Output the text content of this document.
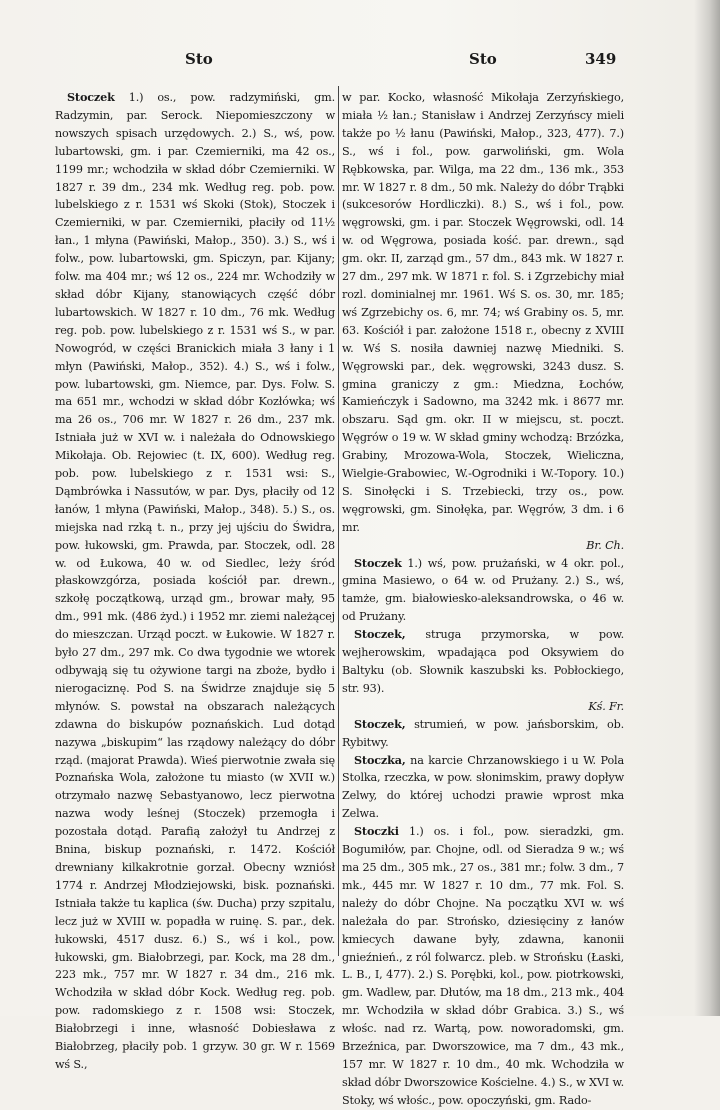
Sto	Sto	349

Stoczek 1.) os., pow. radzymiński, gm. Radzymin, par. Serock. Niepomieszczony w nowszych spisach urzędowych. 2.) S., wś, pow. lubartowski, gm. i par. Czemierniki, ma 42 os., 1199 mr.; wchodziła w skład dóbr Czemierniki. W 1827 r. 39 dm., 234 mk. Według reg. pob. pow. lubelskiego z r. 1531 wś Skoki (Stok), Stoczek i Czemierniki, w par. Czemierniki, płaciły od 11½ łan., 1 młyna (Pawiński, Małop., 350). 3.) S., wś i folw., pow. lubartowski, gm. Spiczyn, par. Kijany; folw. ma 404 mr.; wś 12 os., 224 mr. Wchodziły w skład dóbr Kijany, stanowiących część dóbr lubartowskich. W 1827 r. 10 dm., 76 mk. Według reg. pob. pow. lubelskiego z r. 1531 wś S., w par. Nowogród, w części Branickich miała 3 łany i 1 młyn (Pawiński, Małop., 352). 4.) S., wś i folw., pow. lubartowski, gm. Niemce, par. Dys. Folw. S. ma 651 mr., wchodzi w skład dóbr Kozłówka; wś ma 26 os., 706 mr. W 1827 r. 26 dm., 237 mk. Istniała już w XVI w. i należała do Odnowskiego Mikołaja. Ob. Rejowiec (t. IX, 600). Według reg. pob. pow. lubelskiego z r. 1531 wsi: S., Dąmbrówka i Nassutów, w par. Dys, płaciły od 12 łanów, 1 młyna (Pawiński, Małop., 348). 5.) S., os. miejska nad rzką t. n., przy jej ujściu do Świdra, pow. łukowski, gm. Prawda, par. Stoczek, odl. 28 w. od Łukowa, 40 w. od Siedlec, leży śród płaskowzgórza, posiada kościół par. drewn., szkołę początkową, urząd gm., browar mały, 95 dm., 991 mk. (486 żyd.) i 1952 mr. ziemi należącej do mieszczan. Urząd poczt. w Łukowie. W 1827 r. było 27 dm., 297 mk. Co dwa tygodnie we wtorek odbywają się tu ożywione targi na zboże, bydło i nierogaciznę. Pod S. na Świdrze znajduje się 5 młynów. S. powstał na obszarach należących zdawna do biskupów poznańskich. Lud dotąd nazywa „biskupim“ las rządowy należący do dóbr rząd. (majorat Prawda). Wieś pierwotnie zwała się Poznańska Wola, założone tu miasto (w XVII w.) otrzymało nazwę Sebastyanowo, lecz pierwotna nazwa wody leśnej (Stoczek) przemogła i pozostała dotąd. Parafią założył tu Andrzej z Bnina, biskup poznański, r. 1472. Kościół drewniany kilkakrotnie gorzał. Obecny wzniósł 1774 r. Andrzej Młodziejowski, bisk. poznański. Istniała także tu kaplica (św. Ducha) przy szpitalu, lecz już w XVIII w. popadła w ruinę. S. par., dek. łukowski, 4517 dusz. 6.) S., wś i kol., pow. łukowski, gm. Białobrzegi, par. Kock, ma 28 dm., 223 mk., 757 mr. W 1827 r. 34 dm., 216 mk. Wchodziła w skład dóbr Kock. Według reg. pob. pow. radomskiego z r. 1508 wsi: Stoczek, Białobrzegi i inne, własność Dobiesława z Białobrzeg, płaciły pob. 1 grzyw. 30 gr. W r. 1569 wś S.,

w par. Kocko, własność Mikołaja Zerzyńskiego, miała ½ łan.; Stanisław i Andrzej Zerzyńscy mieli także po ½ łanu (Pawiński, Małop., 323, 477). 7.) S., wś i fol., pow. garwoliński, gm. Wola Rębkowska, par. Wilga, ma 22 dm., 136 mk., 353 mr. W 1827 r. 8 dm., 50 mk. Należy do dóbr Trąbki (sukcesorów Hordliczki). 8.) S., wś i fol., pow. węgrowski, gm. i par. Stoczek Węgrowski, odl. 14 w. od Węgrowa, posiada kość. par. drewn., sąd gm. okr. II, zarząd gm., 57 dm., 843 mk. W 1827 r. 27 dm., 297 mk. W 1871 r. fol. S. i Zgrzebichy miał rozl. dominialnej mr. 1961. Wś S. os. 30, mr. 185; wś Zgrzebichy os. 6, mr. 74; wś Grabiny os. 5, mr. 63. Kościół i par. założone 1518 r., obecny z XVIII w. Wś S. nosiła dawniej nazwę Miedniki. S. Węgrowski par., dek. węgrowski, 3243 dusz. S. gmina graniczy z gm.: Miedzna, Łochów, Kamieńczyk i Sadowno, ma 3242 mk. i 8677 mr. obszaru. Sąd gm. okr. II w miejscu, st. poczt. Węgrów o 19 w. W skład gminy wchodzą: Brzózka, Grabiny, Mrozowa-Wola, Stoczek, Wieliczna, Wielgie-Grabowiec, W.-Ogrodniki i W.-Topory. 10.) S. Sinołęcki i S. Trzebiecki, trzy os., pow. węgrowski, gm. Sinołęka, par. Węgrów, 3 dm. i 6 mr.
Br. Ch.

Stoczek 1.) wś, pow. prużański, w 4 okr. pol., gmina Masiewo, o 64 w. od Prużany. 2.) S., wś, tamże, gm. białowiesko-aleksandrowska, o 46 w. od Prużany.

Stoczek, struga przymorska, w pow. wejherowskim, wpadająca pod Oksywiem do Baltyku (ob. Słownik kaszubski ks. Pobłockiego, str. 93).
Kś. Fr.

Stoczek, strumień, w pow. jańsborskim, ob. Rybitwy.

Stoczka, na karcie Chrzanowskiego i u W. Pola Stolka, rzeczka, w pow. słonimskim, prawy dopływ Zelwy, do której uchodzi prawie wprost mka Zelwa.

Stoczki 1.) os. i fol., pow. sieradzki, gm. Bogumiłów, par. Chojne, odl. od Sieradza 9 w.; wś ma 25 dm., 305 mk., 27 os., 381 mr.; folw. 3 dm., 7 mk., 445 mr. W 1827 r. 10 dm., 77 mk. Fol. S. należy do dóbr Chojne. Na początku XVI w. wś należała do par. Strońsko, dziesięciny z łanów kmiecych dawane były, zdawna, kanonii gnieźnień., z ról folwarcz. pleb. w Strońsku (Łaski, L. B., I, 477). 2.) S. Porębki, kol., pow. piotrkowski, gm. Wadlew, par. Dłutów, ma 18 dm., 213 mk., 404 mr. Wchodziła w skład dóbr Grabica. 3.) S., wś włośc. nad rz. Wartą, pow. noworadomski, gm. Brzeźnica, par. Dworszowice, ma 7 dm., 43 mk., 157 mr. W 1827 r. 10 dm., 40 mk. Wchodziła w skład dóbr Dworszowice Kościelne. 4.) S., w XVI w. Stoky, wś włośc., pow. opoczyński, gm. Rado-
